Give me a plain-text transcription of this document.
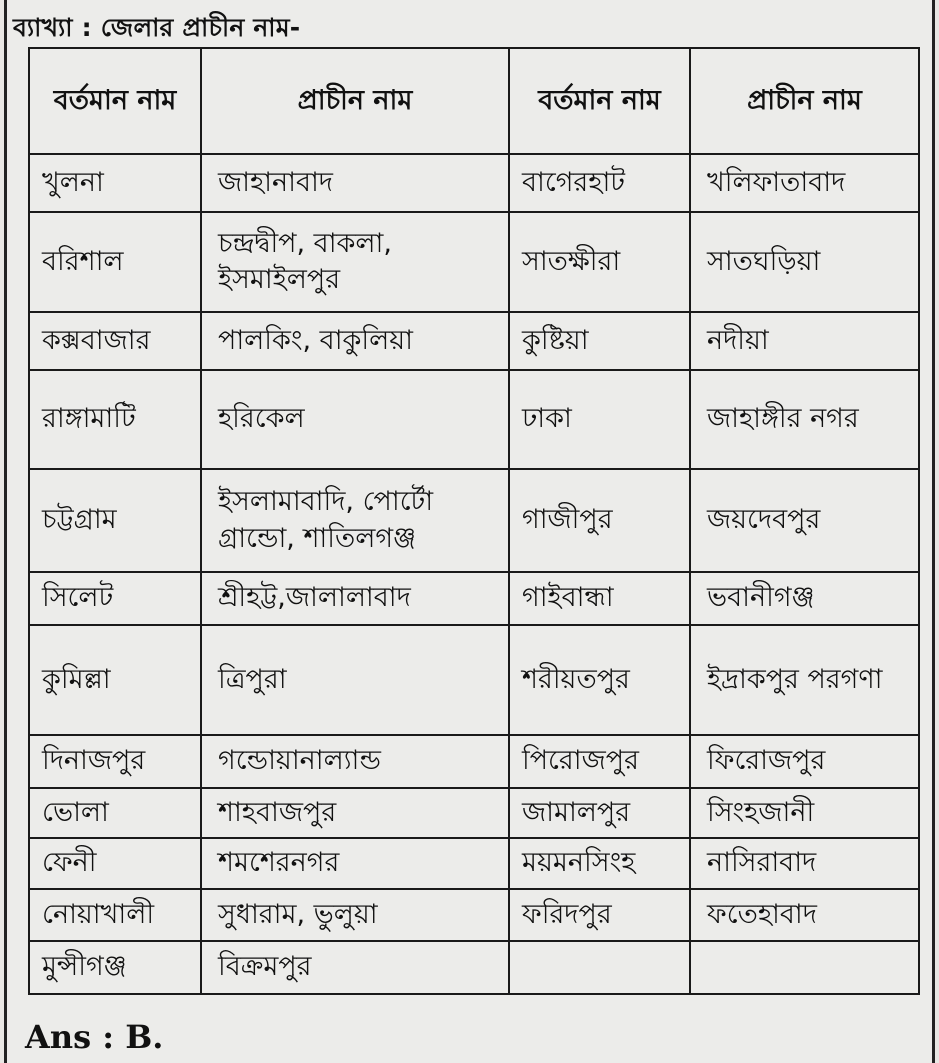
ব্যাখ্যা : জেলার প্রাচীন নাম-
বর্তমান নাম	প্রাচীন নাম	বর্তমান নাম	প্রাচীন নাম
খুলনা	জাহানাবাদ	বাগেরহাট	খলিফাতাবাদ
বরিশাল	চন্দ্রদ্বীপ, বাকলা, ইসমাইলপুর	সাতক্ষীরা	সাতঘড়িয়া
কক্সবাজার	পালকিং, বাকুলিয়া	কুষ্টিয়া	নদীয়া
রাঙ্গামাটি	হরিকেল	ঢাকা	জাহাঙ্গীর নগর
চট্টগ্রাম	ইসলামাবাদি, পোর্টো গ্রান্ডো, শাতিলগঞ্জ	গাজীপুর	জয়দেবপুর
সিলেট	শ্রীহট্ট,জালালাবাদ	গাইবান্ধা	ভবানীগঞ্জ
কুমিল্লা	ত্রিপুরা	শরীয়তপুর	ইদ্রাকপুর পরগণা
দিনাজপুর	গন্ডোয়ানাল্যান্ড	পিরোজপুর	ফিরোজপুর
ভোলা	শাহবাজপুর	জামালপুর	সিংহজানী
ফেনী	শমশেরনগর	ময়মনসিংহ	নাসিরাবাদ
নোয়াখালী	সুধারাম, ভুলুয়া	ফরিদপুর	ফতেহাবাদ
মুন্সীগঞ্জ	বিক্রমপুর		
Ans : B.
